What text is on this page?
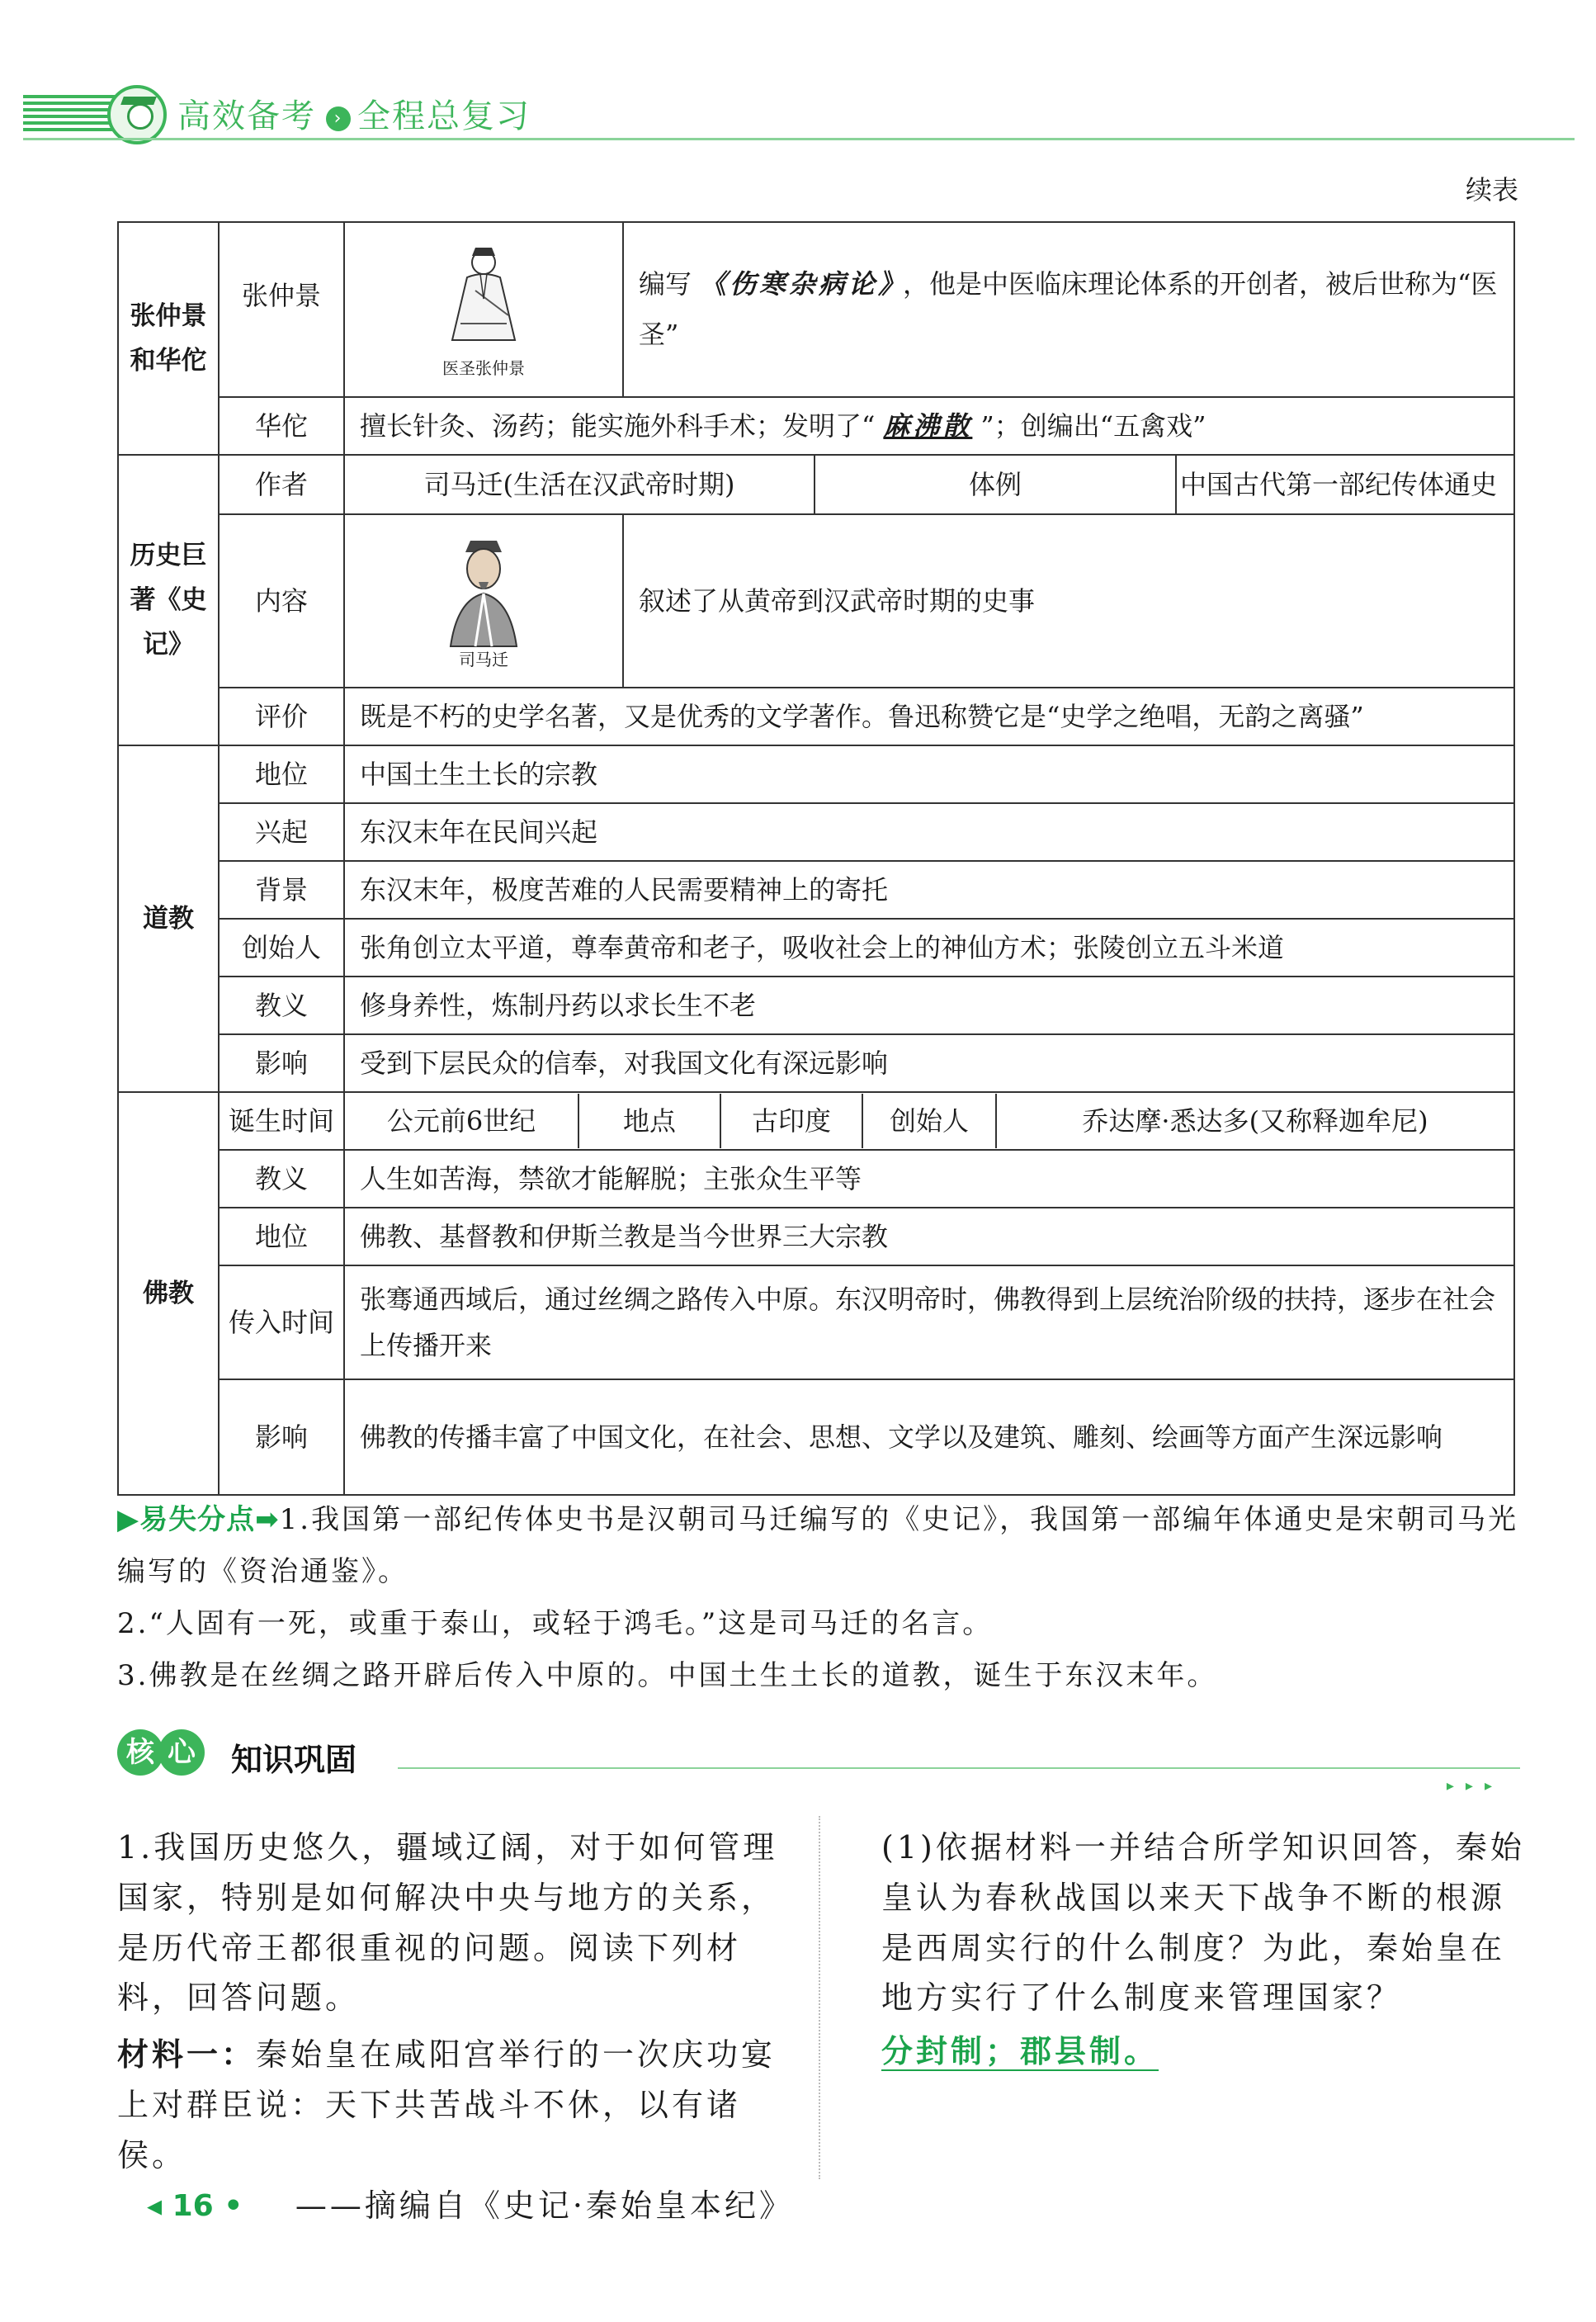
高效备考 › 全程总复习
续表
张仲景和华佗	张仲景	医圣张仲景	编写 《伤寒杂病论》 ，他是中医临床理论体系的开创者，被后世称为“医圣”		
	华佗	擅长针灸、汤药；能实施外科手术；发明了“ 麻沸散 ”；创编出“五禽戏”			
历史巨著《史记》	作者	司马迁(生活在汉武帝时期)		体例	中国古代第一部纪传体通史
	内容	司马迁	叙述了从黄帝到汉武帝时期的史事		
	评价	既是不朽的史学名著，又是优秀的文学著作。鲁迅称赞它是“史学之绝唱，无韵之离骚”			
道教	地位	中国土生土长的宗教			
	兴起	东汉末年在民间兴起			
	背景	东汉末年，极度苦难的人民需要精神上的寄托			
	创始人	张角创立太平道，尊奉黄帝和老子，吸收社会上的神仙方术；张陵创立五斗米道			
	教义	修身养性，炼制丹药以求长生不老			
	影响	受到下层民众的信奉，对我国文化有深远影响			
佛教	诞生时间	公元前6世纪 地点 古印度 创始人 乔达摩·悉达多(又称释迦牟尼)			

	教义	人生如苦海，禁欲才能解脱；主张众生平等			
	地位	佛教、基督教和伊斯兰教是当今世界三大宗教			
	传入时间	张骞通西域后，通过丝绸之路传入中原。东汉明帝时，佛教得到上层统治阶级的扶持，逐步在社会上传播开来			
	影响	佛教的传播丰富了中国文化，在社会、思想、文学以及建筑、雕刻、绘画等方面产生深远影响			
▶易失分点➡1.我国第一部纪传体史书是汉朝司马迁编写的《史记》，我国第一部编年体通史是宋朝司马光编写的《资治通鉴》。
2.“人固有一死，或重于泰山，或轻于鸿毛。”这是司马迁的名言。
3.佛教是在丝绸之路开辟后传入中原的。中国土生土长的道教，诞生于东汉末年。
核 心 知识巩固
▸▸▸
1.我国历史悠久，疆域辽阔，对于如何管理国家，特别是如何解决中央与地方的关系，是历代帝王都很重视的问题。阅读下列材料，回答问题。
材料一：秦始皇在咸阳宫举行的一次庆功宴上对群臣说：天下共苦战斗不休，以有诸侯。
——摘编自《史记·秦始皇本纪》
(1)依据材料一并结合所学知识回答，秦始皇认为春秋战国以来天下战争不断的根源是西周实行的什么制度？为此，秦始皇在地方实行了什么制度来管理国家？
分封制；郡县制。
◂ 16 •
